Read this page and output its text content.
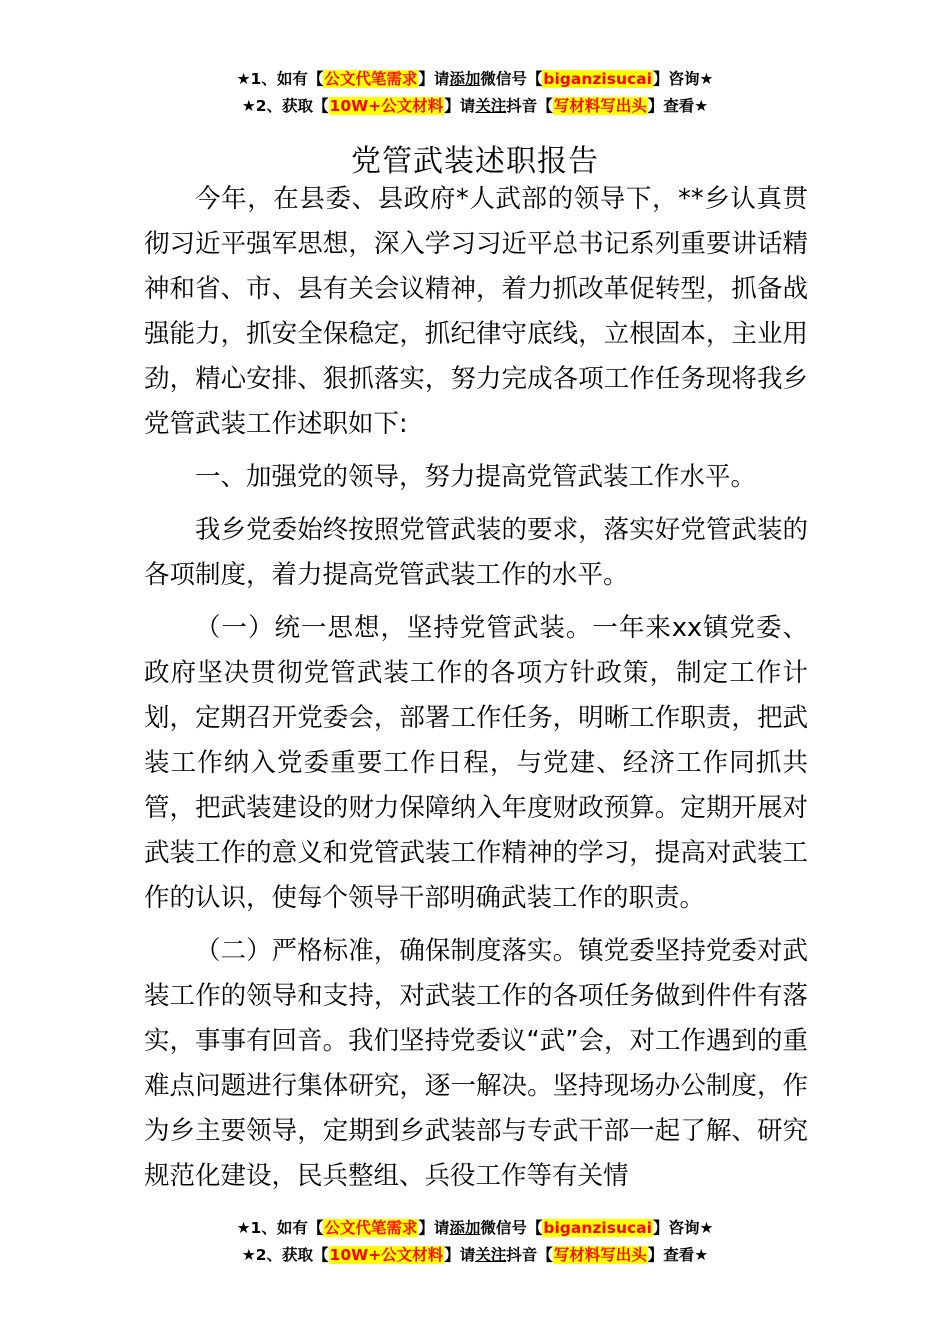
★1、如有【公文代笔需求】请添加微信号【biganzisucai】咨询★
★2、获取【10W+公文材料】请关注抖音【写材料写出头】查看★
党管武装述职报告

今年，在县委、县政府*人武部的领导下，**乡认真贯彻习近平强军思想，深入学习习近平总书记系列重要讲话精神和省、市、县有关会议精神，着力抓改革促转型，抓备战强能力，抓安全保稳定，抓纪律守底线，立根固本，主业用劲，精心安排、狠抓落实，努力完成各项工作任务现将我乡党管武装工作述职如下:

一、加强党的领导，努力提高党管武装工作水平。

我乡党委始终按照党管武装的要求，落实好党管武装的各项制度，着力提高党管武装工作的水平。

（一）统一思想，坚持党管武装。一年来xx镇党委、政府坚决贯彻党管武装工作的各项方针政策，制定工作计划，定期召开党委会，部署工作任务，明晰工作职责，把武装工作纳入党委重要工作日程，与党建、经济工作同抓共管，把武装建设的财力保障纳入年度财政预算。定期开展对武装工作的意义和党管武装工作精神的学习，提高对武装工作的认识，使每个领导干部明确武装工作的职责。

（二）严格标准，确保制度落实。镇党委坚持党委对武装工作的领导和支持，对武装工作的各项任务做到件件有落实，事事有回音。我们坚持党委议“武”会，对工作遇到的重难点问题进行集体研究，逐一解决。坚持现场办公制度，作为乡主要领导，定期到乡武装部与专武干部一起了解、研究规范化建设，民兵整组、兵役工作等有关情

★1、如有【公文代笔需求】请添加微信号【biganzisucai】咨询★
★2、获取【10W+公文材料】请关注抖音【写材料写出头】查看★
